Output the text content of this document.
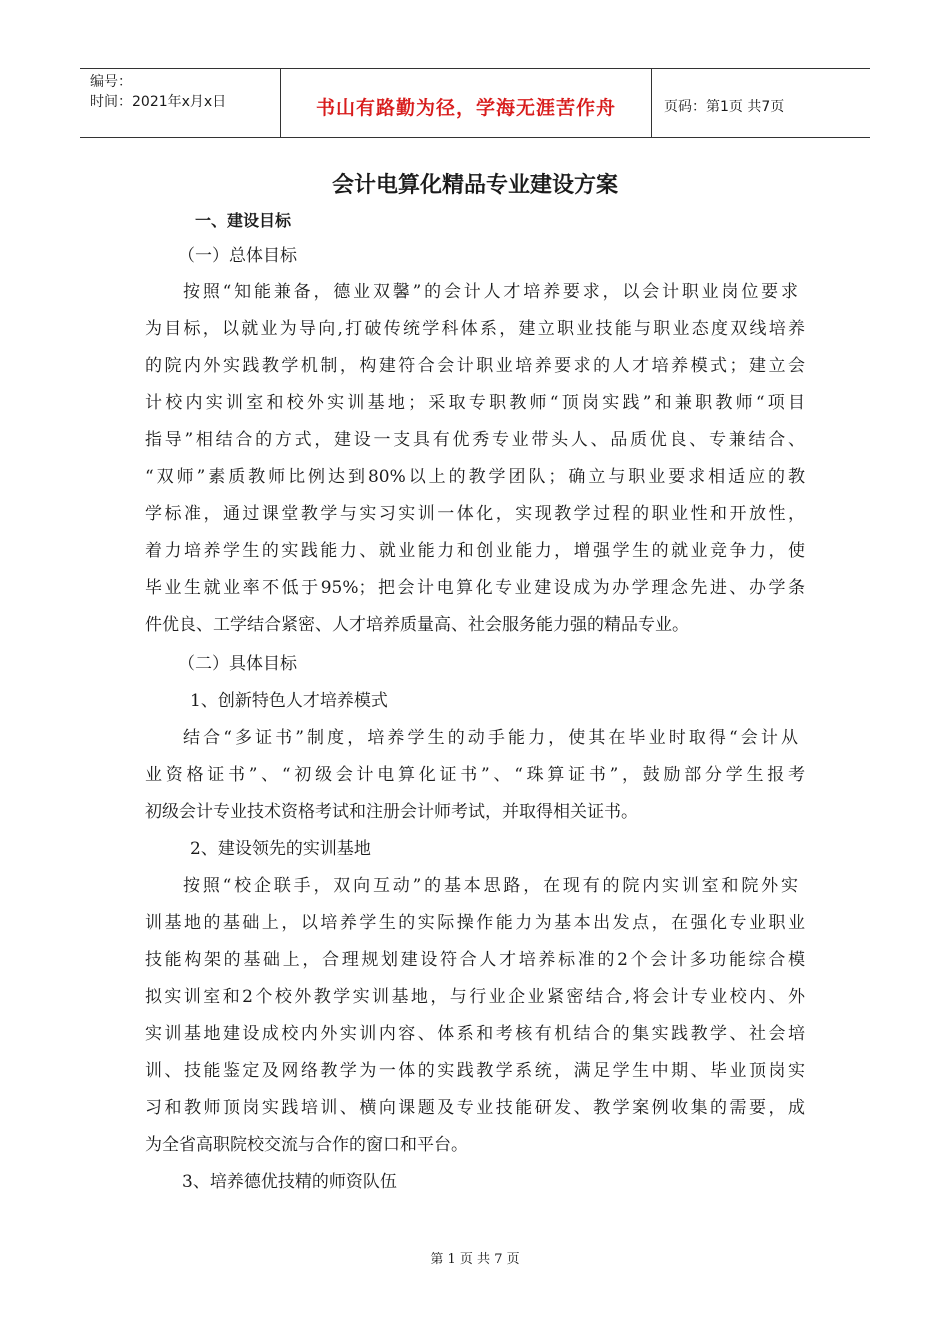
编号：
时间：2021年x月x日	书山有路勤为径，学海无涯苦作舟	页码：第1页 共7页
会计电算化精品专业建设方案
一、建设目标
（一）总体目标
按照“知能兼备，德业双馨”的会计人才培养要求，以会计职业岗位要求
为目标，以就业为导向,打破传统学科体系，建立职业技能与职业态度双线培养
的院内外实践教学机制，构建符合会计职业培养要求的人才培养模式；建立会
计校内实训室和校外实训基地；采取专职教师“顶岗实践”和兼职教师“项目
指导”相结合的方式，建设一支具有优秀专业带头人、品质优良、专兼结合、
“双师”素质教师比例达到80%以上的教学团队；确立与职业要求相适应的教
学标准，通过课堂教学与实习实训一体化，实现教学过程的职业性和开放性，
着力培养学生的实践能力、就业能力和创业能力，增强学生的就业竞争力，使
毕业生就业率不低于95%；把会计电算化专业建设成为办学理念先进、办学条
件优良、工学结合紧密、人才培养质量高、社会服务能力强的精品专业。
（二）具体目标
1、创新特色人才培养模式
结合“多证书”制度，培养学生的动手能力，使其在毕业时取得“会计从
业资格证书”、“初级会计电算化证书”、“珠算证书”，鼓励部分学生报考
初级会计专业技术资格考试和注册会计师考试，并取得相关证书。
2、建设领先的实训基地
按照“校企联手，双向互动”的基本思路，在现有的院内实训室和院外实
训基地的基础上，以培养学生的实际操作能力为基本出发点，在强化专业职业
技能构架的基础上，合理规划建设符合人才培养标准的2个会计多功能综合模
拟实训室和2个校外教学实训基地，与行业企业紧密结合,将会计专业校内、外
实训基地建设成校内外实训内容、体系和考核有机结合的集实践教学、社会培
训、技能鉴定及网络教学为一体的实践教学系统，满足学生中期、毕业顶岗实
习和教师顶岗实践培训、横向课题及专业技能研发、教学案例收集的需要，成
为全省高职院校交流与合作的窗口和平台。
3、培养德优技精的师资队伍
第 1 页 共 7 页
